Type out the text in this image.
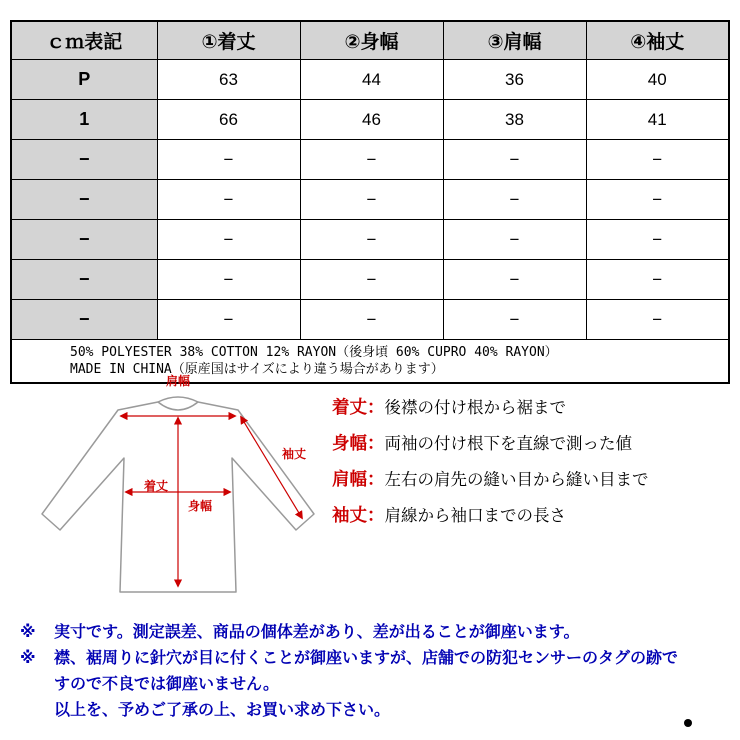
ｃｍ表記	①着丈	②身幅	③肩幅	④袖丈
P	63	44	36	40
1	66	46	38	41
−	−	−	−	−
−	−	−	−	−
−	−	−	−	−
−	−	−	−	−
−	−	−	−	−

50% POLYESTER 38% COTTON 12% RAYON（後身頃 60% CUPRO 40% RAYON）
MADE IN CHINA（原産国はサイズにより違う場合があります）				
肩幅
着丈
身幅
袖丈
着丈： 後襟の付け根から裾まで
身幅： 両袖の付け根下を直線で測った値
肩幅： 左右の肩先の縫い目から縫い目まで
袖丈： 肩線から袖口までの長さ
※	実寸です。測定誤差、商品の個体差があり、差が出ることが御座います。
※	襟、裾周りに針穴が目に付くことが御座いますが、店舗での防犯センサーのタグの跡ですので不良では御座いません。
以上を、予めご了承の上、お買い求め下さい。
